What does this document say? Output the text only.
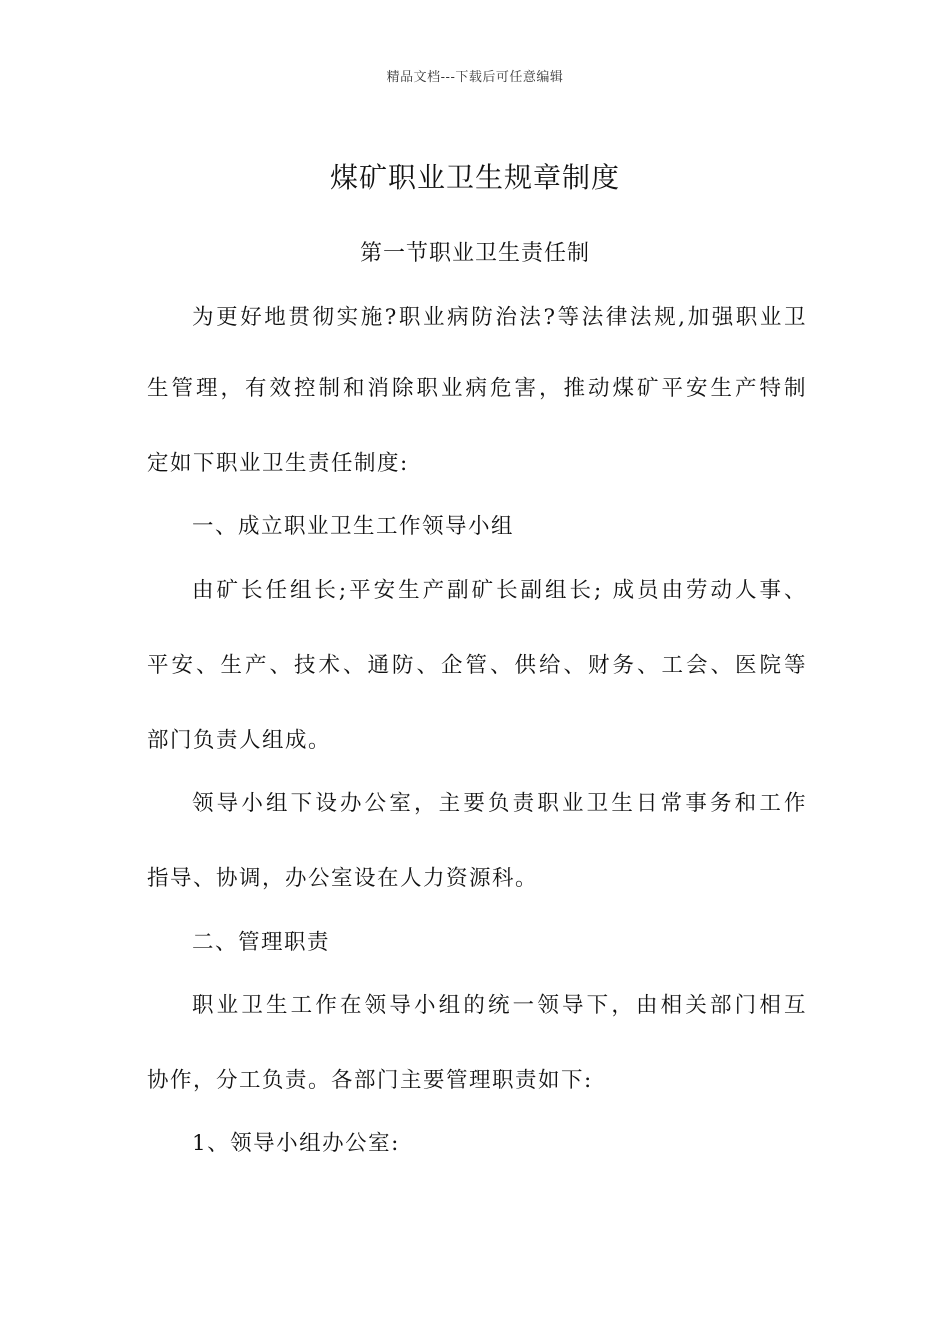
精品文档---下载后可任意编辑
煤矿职业卫生规章制度
第一节职业卫生责任制
为更好地贯彻实施?职业病防治法?等法律法规,加强职业卫
生管理，有效控制和消除职业病危害，推动煤矿平安生产特制
定如下职业卫生责任制度:
一、成立职业卫生工作领导小组
由矿长任组长;平安生产副矿长副组长; 成员由劳动人事、
平安、生产、技术、通防、企管、供给、财务、工会、医院等
部门负责人组成。
领导小组下设办公室，主要负责职业卫生日常事务和工作
指导、协调，办公室设在人力资源科。
二、管理职责
职业卫生工作在领导小组的统一领导下，由相关部门相互
协作，分工负责。各部门主要管理职责如下:
1、领导小组办公室:
